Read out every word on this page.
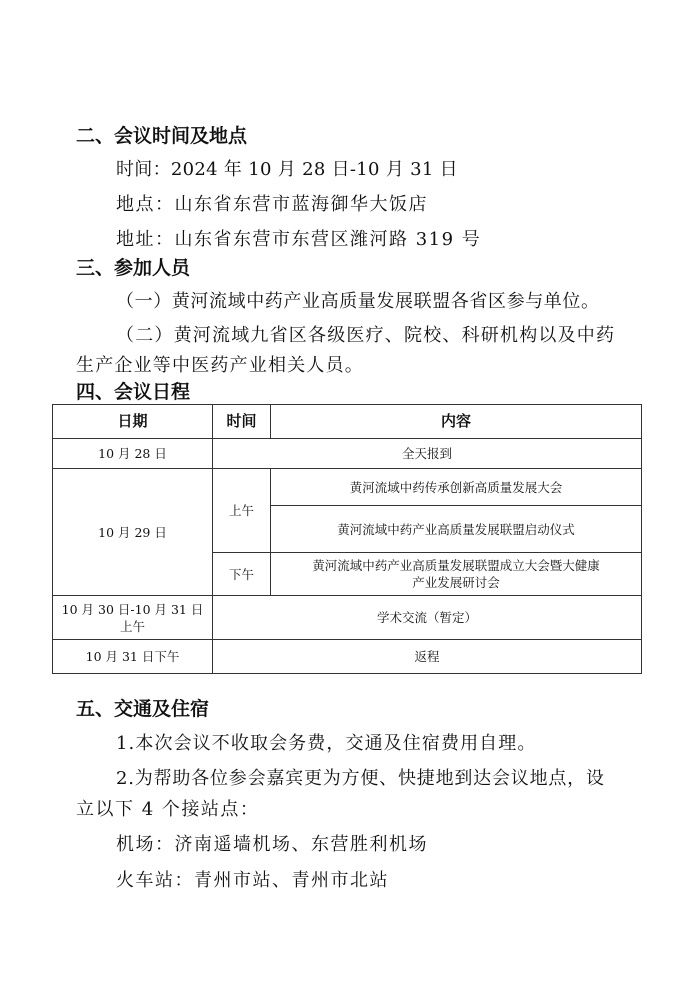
二、会议时间及地点
时间：2024 年 10 月 28 日-10 月 31 日
地点：山东省东营市蓝海御华大饭店
地址：山东省东营市东营区潍河路 319 号
三、参加人员
（一）黄河流域中药产业高质量发展联盟各省区参与单位。
（二）黄河流域九省区各级医疗、院校、科研机构以及中药
生产企业等中医药产业相关人员。
四、会议日程
日期	时间	内容
10 月 28 日	全天报到	
10 月 29 日	上午	黄河流域中药传承创新高质量发展大会
		黄河流域中药产业高质量发展联盟启动仪式
	下午	黄河流域中药产业高质量发展联盟成立大会暨大健康
产业发展研讨会
10 月 30 日-10 月 31 日
上午	学术交流（暂定）	
10 月 31 日下午	返程	
五、交通及住宿
1.本次会议不收取会务费，交通及住宿费用自理。
2.为帮助各位参会嘉宾更为方便、快捷地到达会议地点，设
立以下 4 个接站点：
机场：济南遥墙机场、东营胜利机场
火车站：青州市站、青州市北站
